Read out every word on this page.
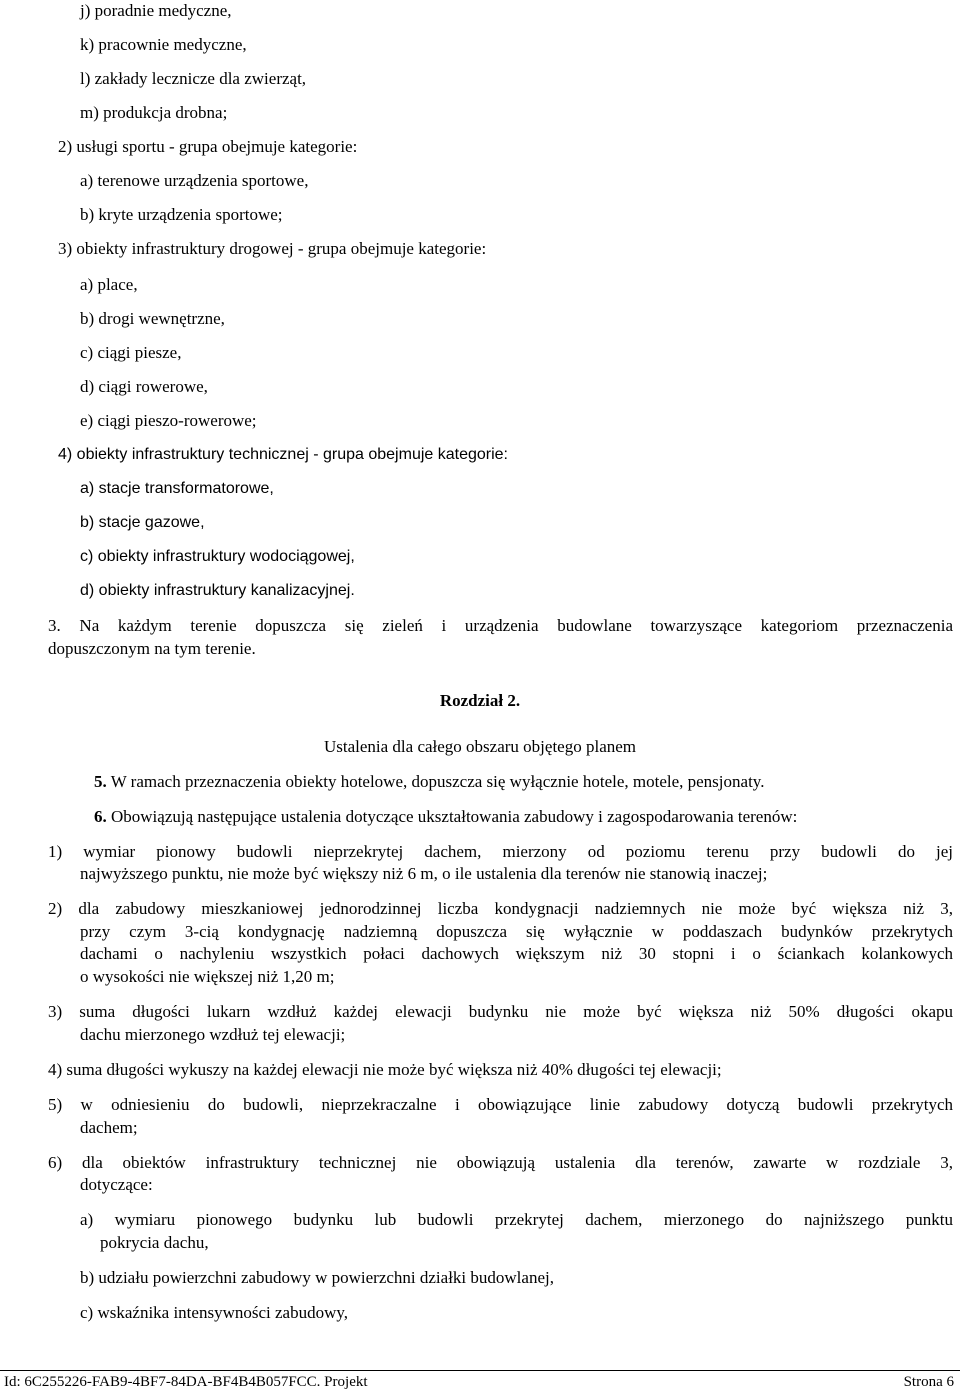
j) poradnie medyczne,
k) pracownie medyczne,
l) zakłady lecznicze dla zwierząt,
m) produkcja drobna;
2) usługi sportu - grupa obejmuje kategorie:
a) terenowe urządzenia sportowe,
b) kryte urządzenia sportowe;
3) obiekty infrastruktury drogowej - grupa obejmuje kategorie:
a) place,
b) drogi wewnętrzne,
c) ciągi piesze,
d) ciągi rowerowe,
e) ciągi pieszo-rowerowe;
4) obiekty infrastruktury technicznej - grupa obejmuje kategorie:
a) stacje transformatorowe,
b) stacje gazowe,
c) obiekty infrastruktury wodociągowej,
d) obiekty infrastruktury kanalizacyjnej.
3. Na każdym terenie dopuszcza się zieleń i urządzenia budowlane towarzyszące kategoriom przeznaczenia
dopuszczonym na tym terenie.
Rozdział 2.
Ustalenia dla całego obszaru objętego planem
5. W ramach przeznaczenia obiekty hotelowe, dopuszcza się wyłącznie hotele, motele, pensjonaty.
6. Obowiązują następujące ustalenia dotyczące ukształtowania zabudowy i zagospodarowania terenów:
1) wymiar pionowy budowli nieprzekrytej dachem, mierzony od poziomu terenu przy budowli do jej
najwyższego punktu, nie może być większy niż 6 m, o ile ustalenia dla terenów nie stanowią inaczej;
2) dla zabudowy mieszkaniowej jednorodzinnej liczba kondygnacji nadziemnych nie może być większa niż 3,
przy czym 3-cią kondygnację nadziemną dopuszcza się wyłącznie w poddaszach budynków przekrytych
dachami o nachyleniu wszystkich połaci dachowych większym niż 30 stopni i o ściankach kolankowych
o wysokości nie większej niż 1,20 m;
3) suma długości lukarn wzdłuż każdej elewacji budynku nie może być większa niż 50% długości okapu
dachu mierzonego wzdłuż tej elewacji;
4) suma długości wykuszy na każdej elewacji nie może być większa niż 40% długości tej elewacji;
5) w odniesieniu do budowli, nieprzekraczalne i obowiązujące linie zabudowy dotyczą budowli przekrytych
dachem;
6) dla obiektów infrastruktury technicznej nie obowiązują ustalenia dla terenów, zawarte w rozdziale 3,
dotyczące:
a) wymiaru pionowego budynku lub budowli przekrytej dachem, mierzonego do najniższego punktu
pokrycia dachu,
b) udziału powierzchni zabudowy w powierzchni działki budowlanej,
c) wskaźnika intensywności zabudowy,
Id: 6C255226-FAB9-4BF7-84DA-BF4B4B057FCC. Projekt	Strona 6
